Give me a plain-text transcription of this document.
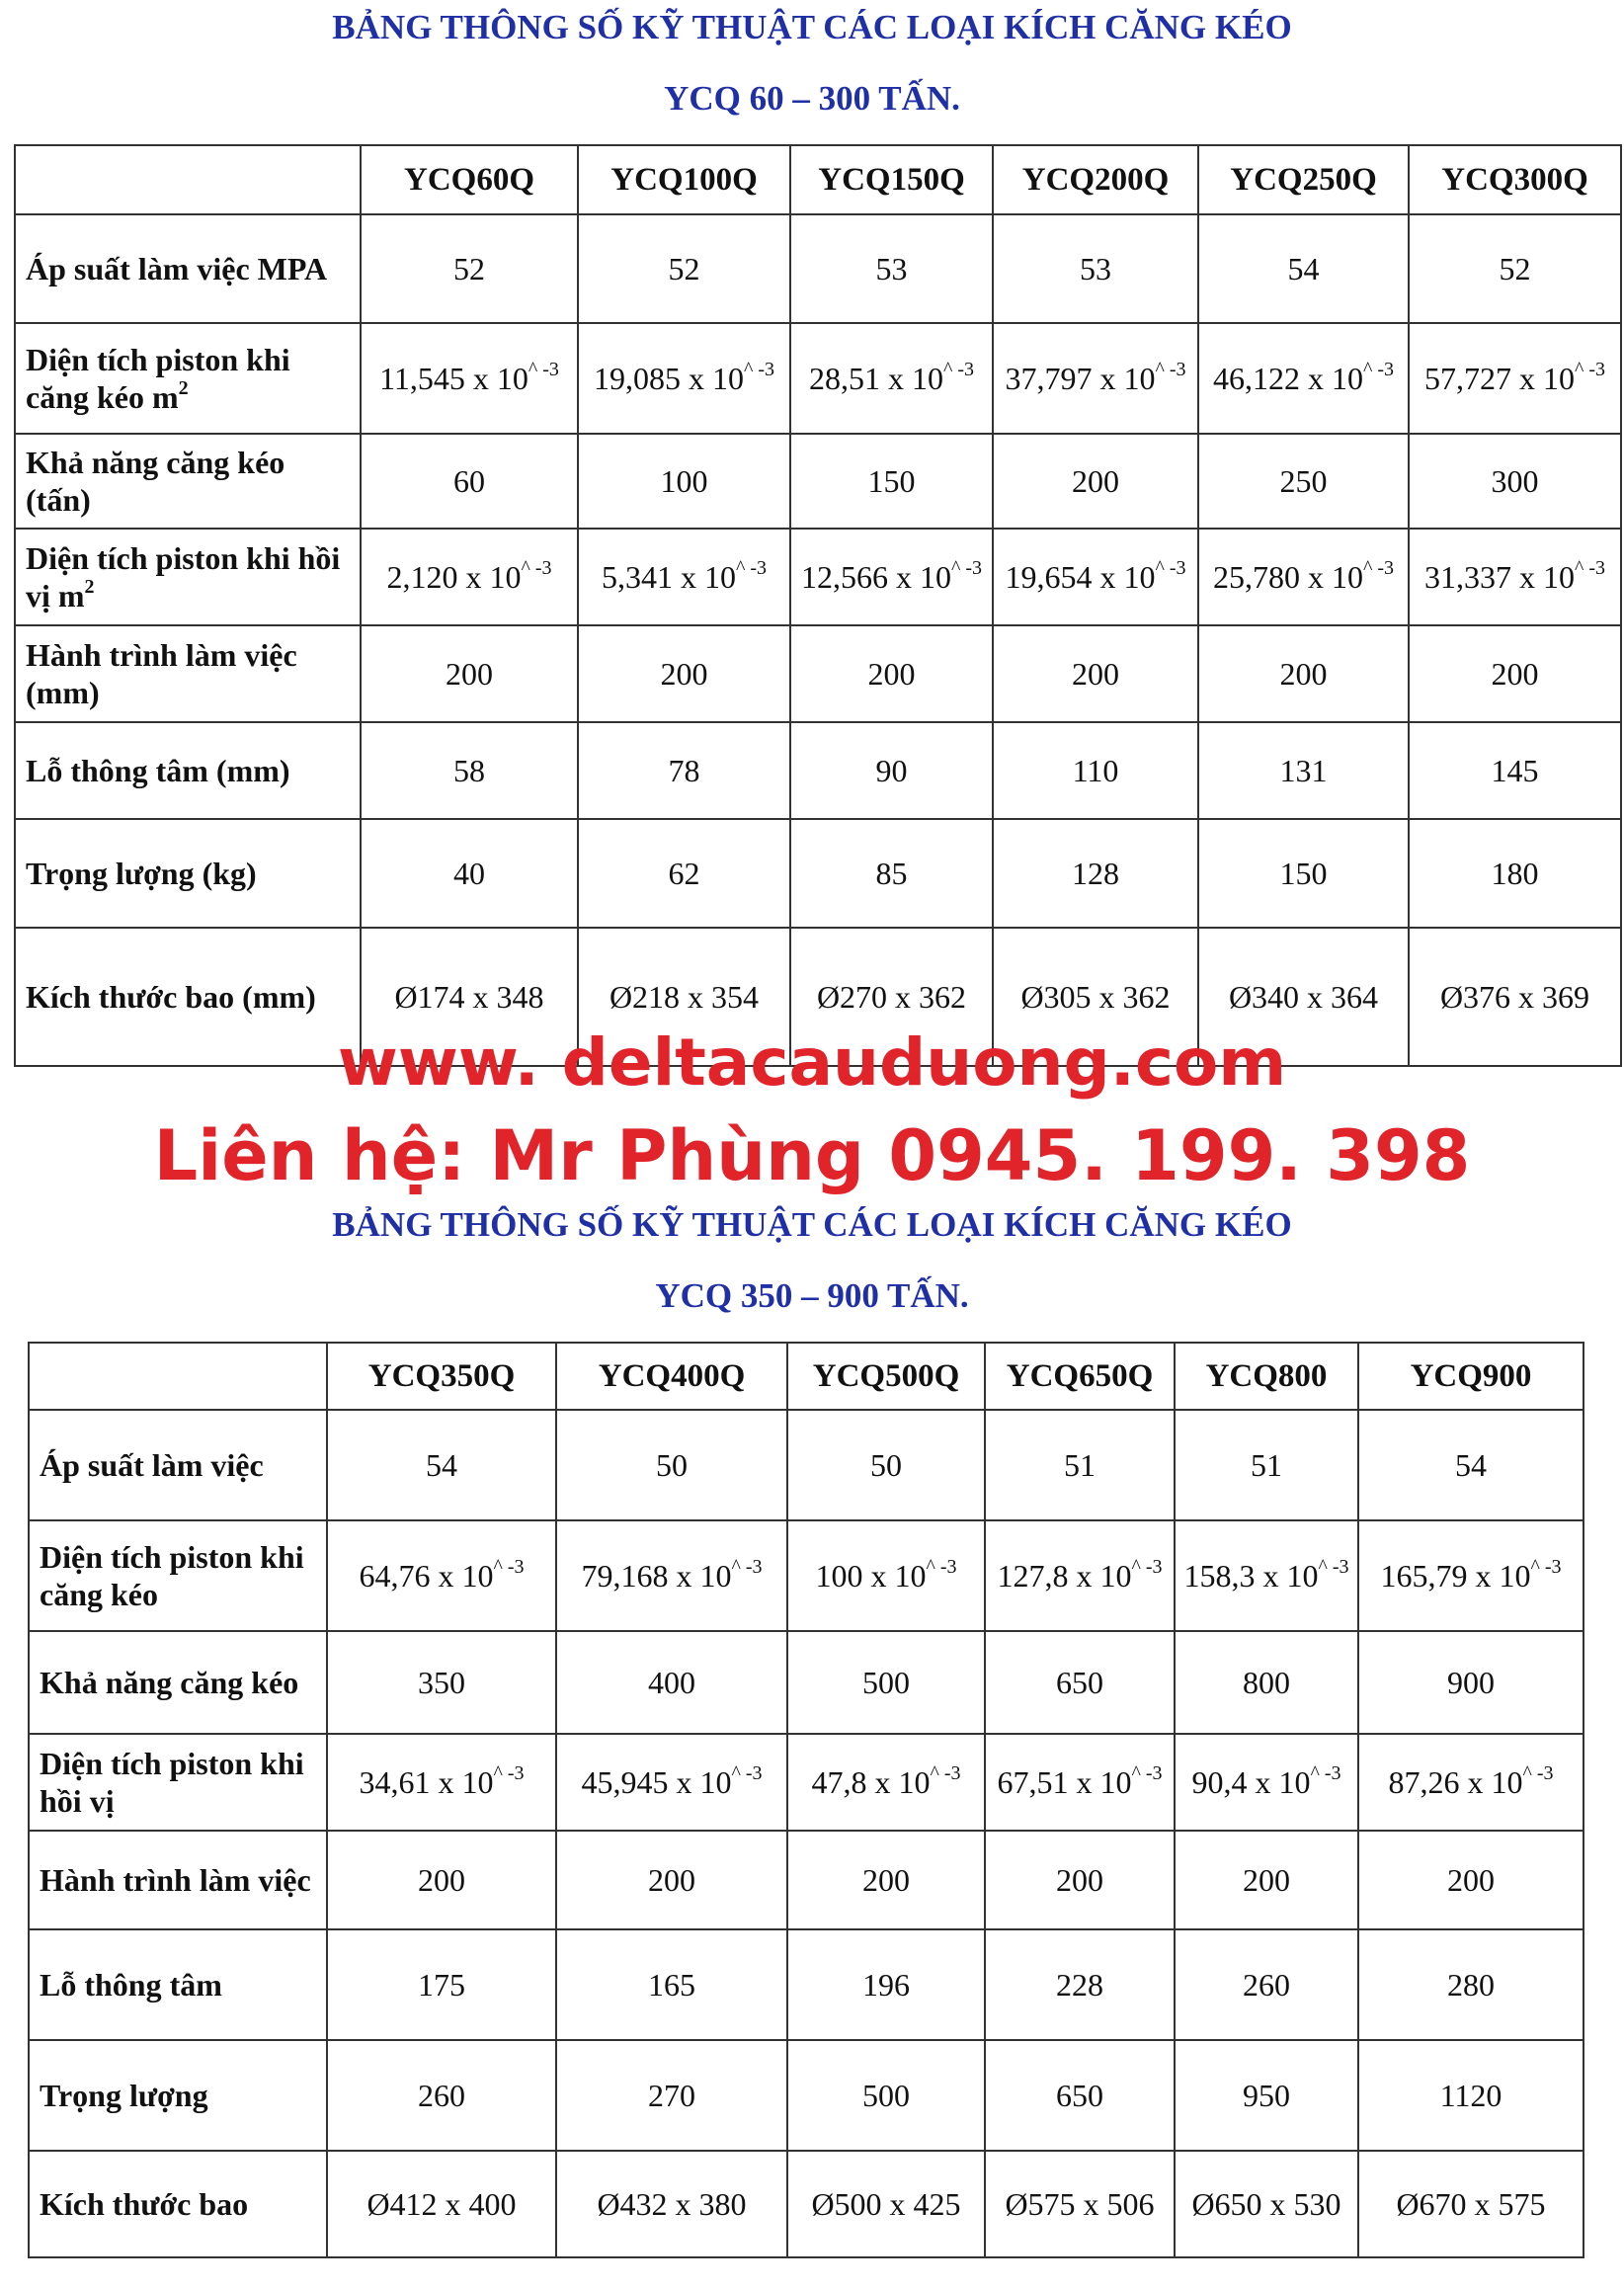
BẢNG THÔNG SỐ KỸ THUẬT CÁC LOẠI KÍCH CĂNG KÉO
YCQ 60 – 300 TẤN.
	YCQ60Q	YCQ100Q	YCQ150Q	YCQ200Q	YCQ250Q	YCQ300Q
Áp suất làm việc MPA	52	52	53	53	54	52
Diện tích piston khi căng kéo $m^2$	11,545 x $10^{\^{} -3}$	19,085 x $10^{\^{} -3}$	28,51 x $10^{\^{} -3}$	37,797 x $10^{\^{} -3}$	46,122 x $10^{\^{} -3}$	57,727 x $10^{\^{} -3}$
Khả năng căng kéo (tấn)	60	100	150	200	250	300
Diện tích piston khi hồi vị $m^2$	2,120 x $10^{\^{} -3}$	5,341 x $10^{\^{} -3}$	12,566 x $10^{\^{} -3}$	19,654 x $10^{\^{} -3}$	25,780 x $10^{\^{} -3}$	31,337 x $10^{\^{} -3}$
Hành trình làm việc (mm)	200	200	200	200	200	200
Lỗ thông tâm (mm)	58	78	90	110	131	145
Trọng lượng (kg)	40	62	85	128	150	180
Kích thước bao (mm)	Ø174 x 348	Ø218 x 354	Ø270 x 362	Ø305 x 362	Ø340 x 364	Ø376 x 369
www. deltacauduong.com
Liên hệ: Mr Phùng 0945. 199. 398
BẢNG THÔNG SỐ KỸ THUẬT CÁC LOẠI KÍCH CĂNG KÉO
YCQ 350 – 900 TẤN.
	YCQ350Q	YCQ400Q	YCQ500Q	YCQ650Q	YCQ800	YCQ900
Áp suất làm việc	54	50	50	51	51	54
Diện tích piston khi căng kéo	64,76 x $10^{\^{} -3}$	79,168 x $10^{\^{} -3}$	100 x $10^{\^{} -3}$	127,8 x $10^{\^{} -3}$	158,3 x $10^{\^{} -3}$	165,79 x $10^{\^{} -3}$
Khả năng căng kéo	350	400	500	650	800	900
Diện tích piston khi hồi vị	34,61 x $10^{\^{} -3}$	45,945 x $10^{\^{} -3}$	47,8 x $10^{\^{} -3}$	67,51 x $10^{\^{} -3}$	90,4 x $10^{\^{} -3}$	87,26 x $10^{\^{} -3}$
Hành trình làm việc	200	200	200	200	200	200
Lỗ thông tâm	175	165	196	228	260	280
Trọng lượng	260	270	500	650	950	1120
Kích thước bao	Ø412 x 400	Ø432 x 380	Ø500 x 425	Ø575 x 506	Ø650 x 530	Ø670 x 575
